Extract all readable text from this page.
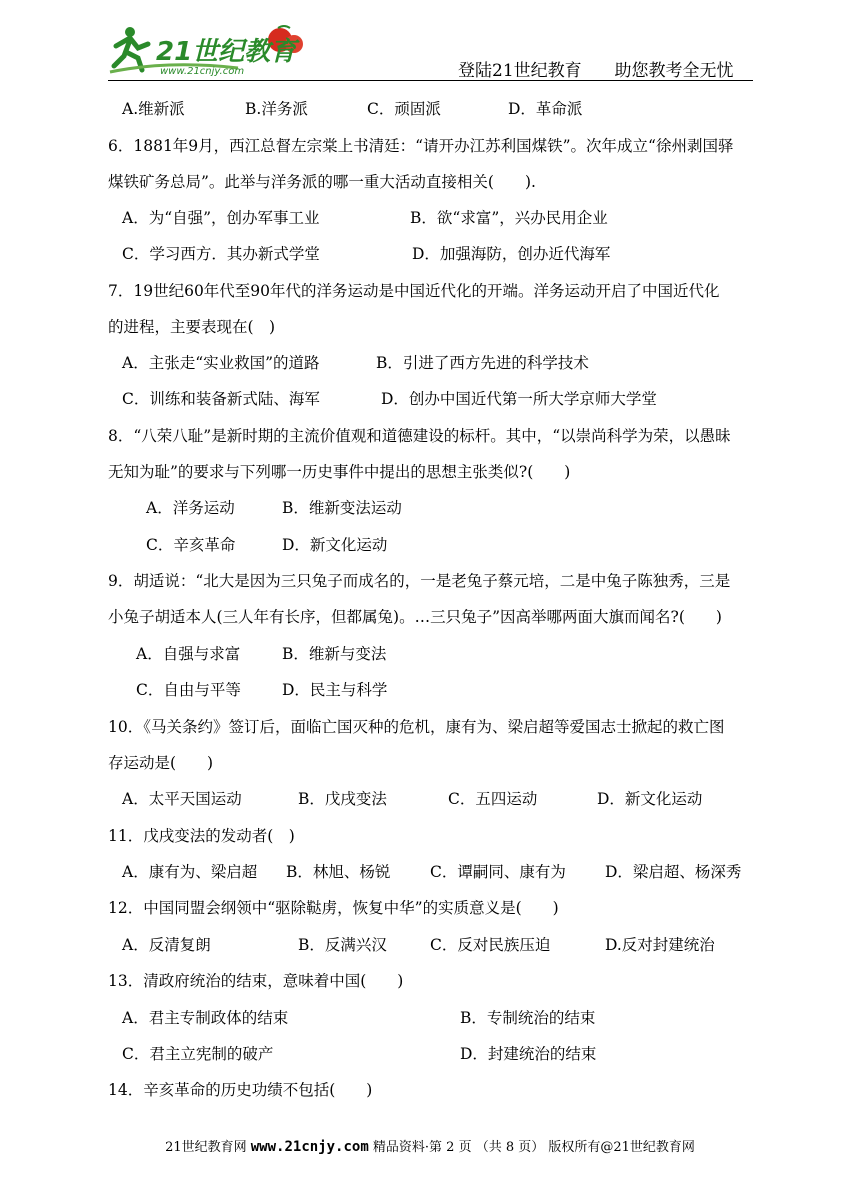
21世纪教育
www.21cnjy.com	登陆21世纪教育 助您教考全无忧
A.维新派	B.洋务派	C．顽固派	D．革命派
6．1881年9月，西江总督左宗棠上书清廷：“请开办江苏利国煤铁”。次年成立“徐州剥国驿
煤铁矿务总局”。此举与洋务派的哪一重大活动直接相关(　　).
A．为“自强”，创办军事工业	B．欲“求富”，兴办民用企业
C．学习西方．其办新式学堂	D．加强海防，创办近代海军
7．19世纪60年代至90年代的洋务运动是中国近代化的开端。洋务运动开启了中国近代化
的进程，主要表现在(　)
A．主张走“实业救国”的道路	B．引进了西方先进的科学技术
C．训练和装备新式陆、海军	D．创办中国近代第一所大学京师大学堂
8．“八荣八耻”是新时期的主流价值观和道德建设的标杆。其中，“以崇尚科学为荣，以愚昧
无知为耻”的要求与下列哪一历史事件中提出的思想主张类似?(　　)
A．洋务运动	B．维新变法运动
C．辛亥革命	D．新文化运动
9．胡适说：“北大是因为三只兔子而成名的，一是老兔子蔡元培，二是中兔子陈独秀，三是
小兔子胡适本人(三人年有长序，但都属兔)。…三只兔子”因高举哪两面大旗而闻名?(　　)
A．自强与求富	B．维新与变法
C．自由与平等	D．民主与科学
10．《马关条约》签订后，面临亡国灭种的危机，康有为、梁启超等爱国志士掀起的救亡图
存运动是(　　)
A．太平天国运动	B．戊戌变法	C．五四运动	D．新文化运动
11．戊戌变法的发动者(　)
A．康有为、梁启超 B．林旭、杨锐	C．谭嗣同、康有为	D．梁启超、杨深秀
12．中国同盟会纲领中“驱除鞑虏，恢复中华”的实质意义是(　　)
A．反清复朗	B．反满兴汉	C．反对民族压迫	D.反对封建统治
13．清政府统治的结束，意味着中国(　　)
A．君主专制政体的结束	B．专制统治的结束
C．君主立宪制的破产	D．封建统治的结束
14．辛亥革命的历史功绩不包括(　　)
21世纪教育网 www.21cnjy.com 精品资料·第 2 页 （共 8 页） 版权所有@21世纪教育网
